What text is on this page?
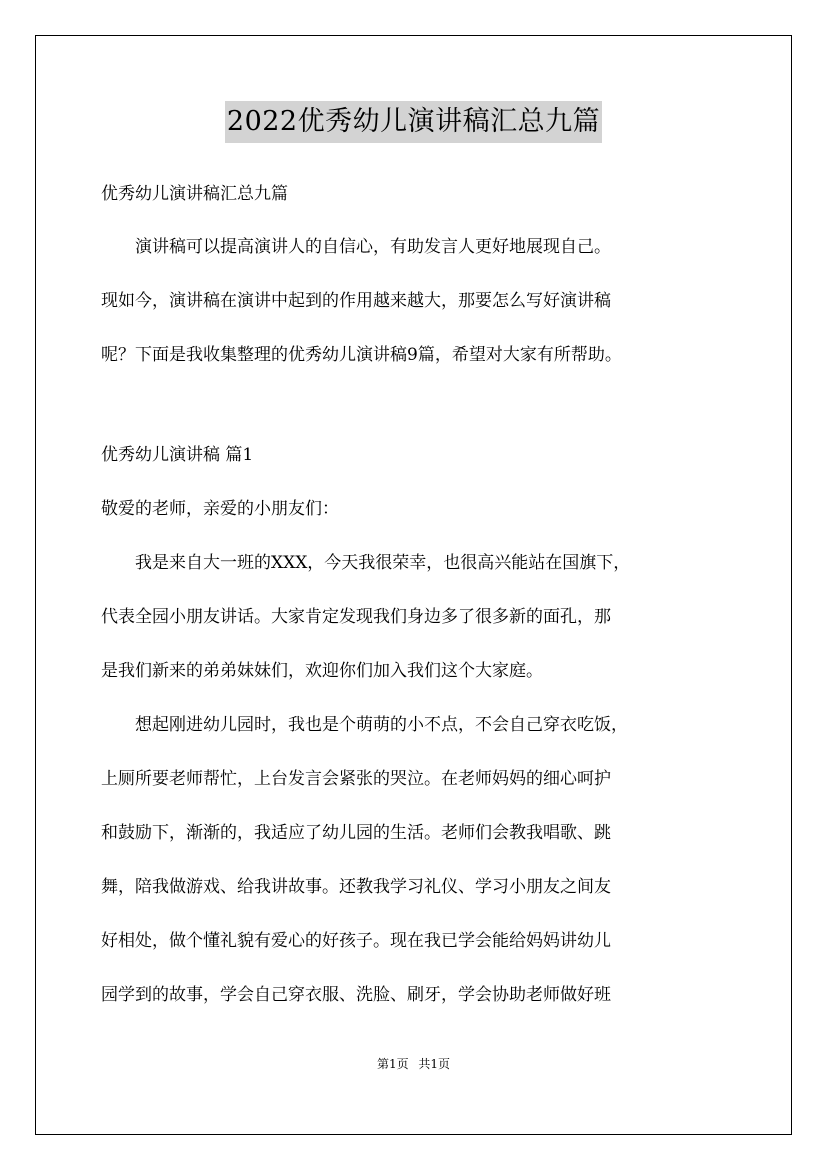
2022优秀幼儿演讲稿汇总九篇
优秀幼儿演讲稿汇总九篇
　　演讲稿可以提高演讲人的自信心，有助发言人更好地展现自己。
现如今，演讲稿在演讲中起到的作用越来越大，那要怎么写好演讲稿
呢？下面是我收集整理的优秀幼儿演讲稿9篇，希望对大家有所帮助。
优秀幼儿演讲稿 篇1
敬爱的老师，亲爱的小朋友们：
　　我是来自大一班的XXX，今天我很荣幸，也很高兴能站在国旗下，
代表全园小朋友讲话。大家肯定发现我们身边多了很多新的面孔，那
是我们新来的弟弟妹妹们，欢迎你们加入我们这个大家庭。
　　想起刚进幼儿园时，我也是个萌萌的小不点，不会自己穿衣吃饭，
上厕所要老师帮忙，上台发言会紧张的哭泣。在老师妈妈的细心呵护
和鼓励下，渐渐的，我适应了幼儿园的生活。老师们会教我唱歌、跳
舞，陪我做游戏、给我讲故事。还教我学习礼仪、学习小朋友之间友
好相处，做个懂礼貌有爱心的好孩子。现在我已学会能给妈妈讲幼儿
园学到的故事，学会自己穿衣服、洗脸、刷牙，学会协助老师做好班
第1页 共1页
